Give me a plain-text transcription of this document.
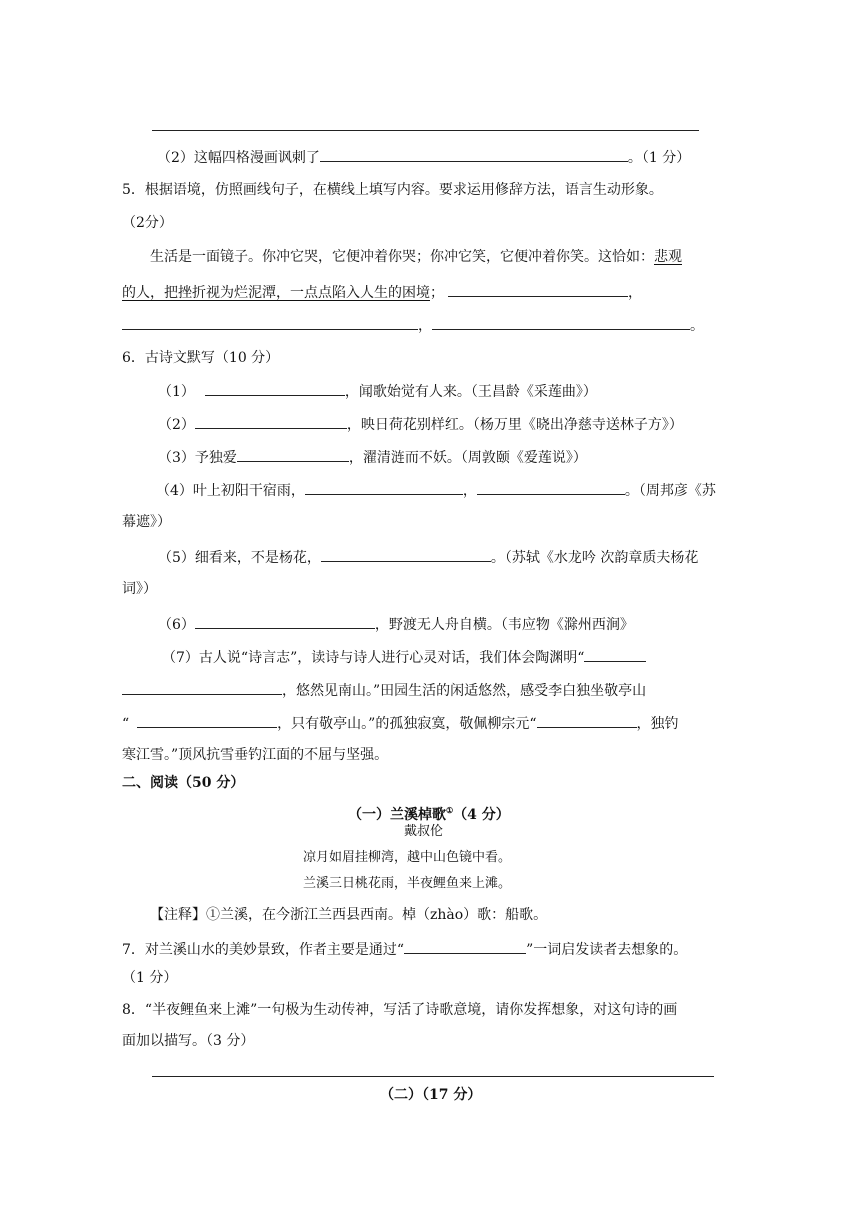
（2）这幅四格漫画讽刺了	。（1 分）
5．根据语境，仿照画线句子，在横线上填写内容。要求运用修辞方法，语言生动形象。
（2分）
生活是一面镜子。你冲它哭，它便冲着你哭；你冲它笑，它便冲着你笑。这恰如：悲观
的人，把挫折视为烂泥潭，一点点陷入人生的困境；	，
，	。
6．古诗文默写（10 分）
（1）	，闻歌始觉有人来。（王昌龄《采莲曲》）
（2）	，映日荷花别样红。（杨万里《晓出净慈寺送林子方》）
（3）予独爱	，濯清涟而不妖。（周敦颐《爱莲说》）
（4）叶上初阳干宿雨，	，	。（周邦彦《苏
幕遮》）
（5）细看来，不是杨花，	。（苏轼《水龙吟 次韵章质夫杨花
词》）
（6）	，野渡无人舟自横。（韦应物《滁州西涧》
（7）古人说“诗言志”，读诗与诗人进行心灵对话，我们体会陶渊明“
，悠然见南山。”田园生活的闲适悠然，感受李白独坐敬亭山
“	，只有敬亭山。”的孤独寂寞，敬佩柳宗元“	，独钓
寒江雪。”顶风抗雪垂钓江面的不屈与坚强。
二、阅读（50 分）
（一）兰溪棹歌①（4 分）
戴叔伦
凉月如眉挂柳湾，越中山色镜中看。
兰溪三日桃花雨，半夜鲤鱼来上滩。
【注释】①兰溪，在今浙江兰西县西南。棹（zhào）歌：船歌。
7．对兰溪山水的美妙景致，作者主要是通过“	”一词启发读者去想象的。
（1 分）
8．“半夜鲤鱼来上滩”一句极为生动传神，写活了诗歌意境，请你发挥想象，对这句诗的画
面加以描写。（3 分）
（二）（17 分）
